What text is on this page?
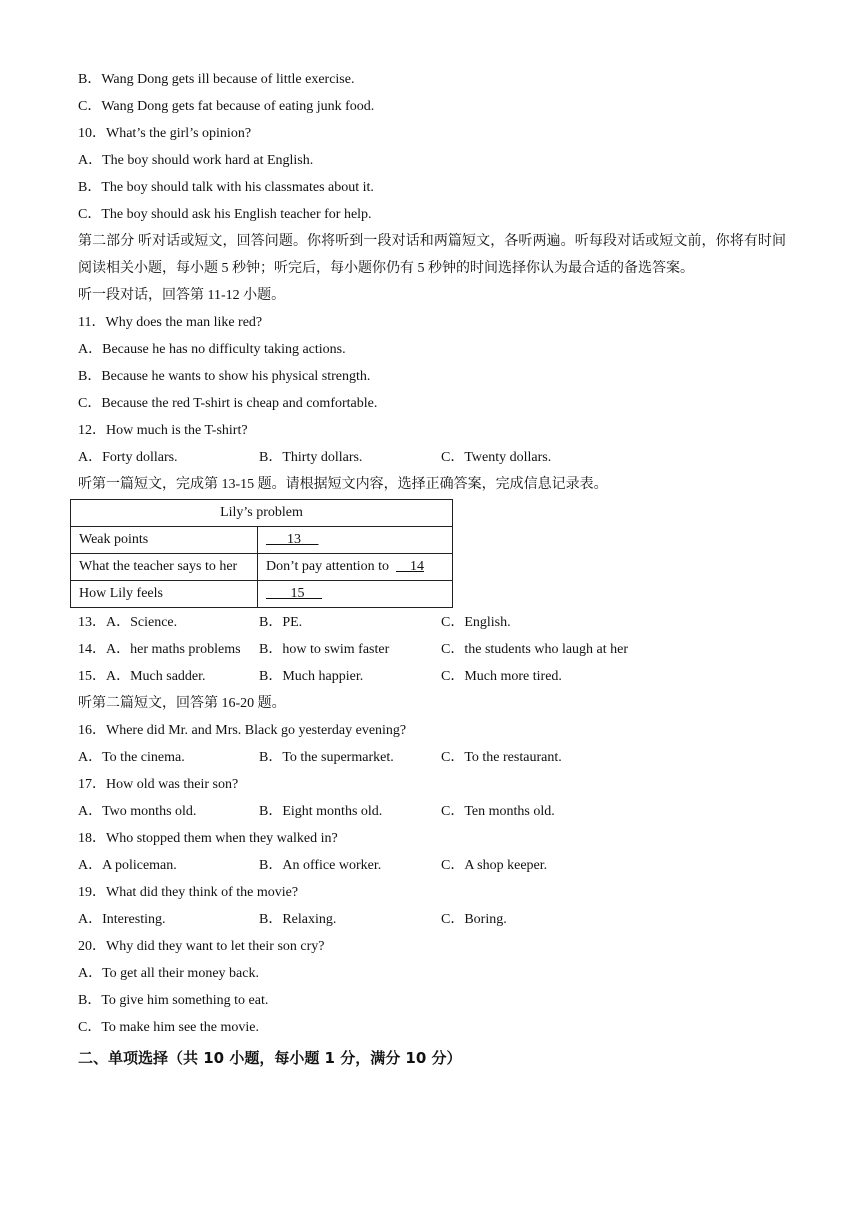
B．Wang Dong gets ill because of little exercise.
C．Wang Dong gets fat because of eating junk food.
10．What’s the girl’s opinion?
A．The boy should work hard at English.
B．The boy should talk with his classmates about it.
C．The boy should ask his English teacher for help.
第二部分 听对话或短文，回答问题。你将听到一段对话和两篇短文，各听两遍。听每段对话或短文前，你将有时间阅读相关小题，每小题 5 秒钟；听完后，每小题你仍有 5 秒钟的时间选择你认为最合适的备选答案。
听一段对话，回答第 11-12 小题。
11．Why does the man like red?
A．Because he has no difficulty taking actions.
B．Because he wants to show his physical strength.
C．Because the red T-shirt is cheap and comfortable.
12．How much is the T-shirt?
A．Forty dollars.	B．Thirty dollars.	C．Twenty dollars.
听第一篇短文，完成第 13-15 题。请根据短文内容，选择正确答案，完成信息记录表。
Lily’s problem	
Weak points	13
What the teacher says to her	Don’t pay attention to      14
How Lily feels	15
13．A．Science.	B．PE.	C．English.
14．A．her maths problems B．how to swim faster	C．the students who laugh at her
15．A．Much sadder.	B．Much happier.	C．Much more tired.
听第二篇短文，回答第 16-20 题。
16．Where did Mr. and Mrs. Black go yesterday evening?
A．To the cinema.	B．To the supermarket.	C．To the restaurant.
17．How old was their son?
A．Two months old.	B．Eight months old.	C．Ten months old.
18．Who stopped them when they walked in?
A．A policeman.	B．An office worker.	C．A shop keeper.
19．What did they think of the movie?
A．Interesting.	B．Relaxing.	C．Boring.
20．Why did they want to let their son cry?
A．To get all their money back.
B．To give him something to eat.
C．To make him see the movie.
二、单项选择（共 10 小题，每小题 1 分，满分 10 分）
